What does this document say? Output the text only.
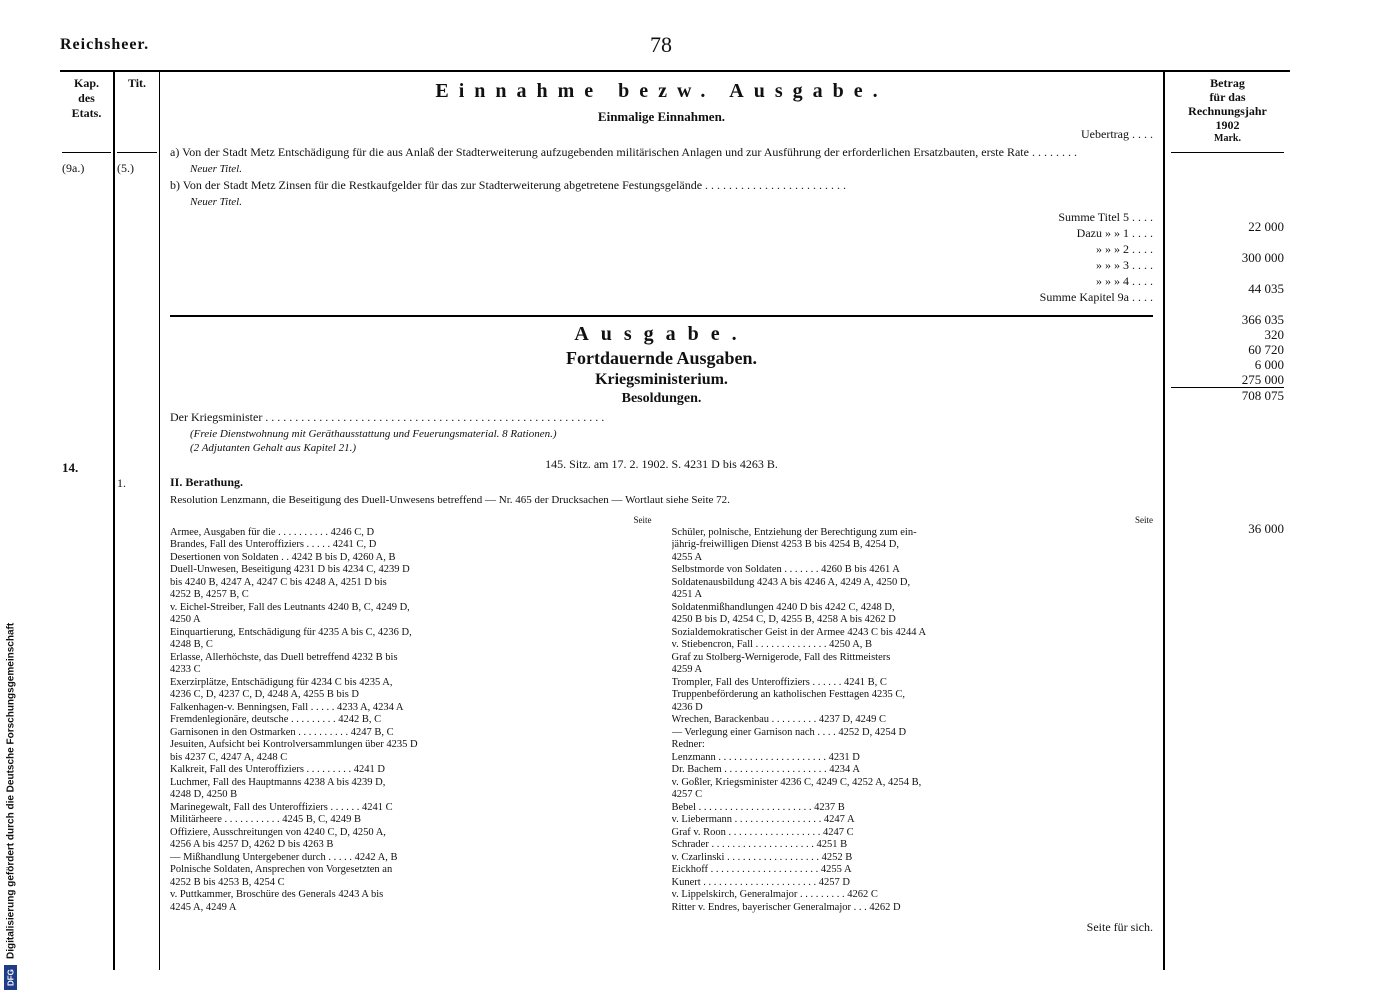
DFG
Digitalisierung gefördert durch die Deutsche Forschungsgemeinschaft
Reichsheer.	78
Kap.
des Etats.
(9a.)
14.
Tit.
(5.)
1.
Einnahme bezw. Ausgabe.
Einmalige Einnahmen.
Uebertrag . . . .
a) Von der Stadt Metz Entschädigung für die aus Anlaß der Stadterweiterung aufzugebenden militärischen Anlagen und zur Ausführung der erforderlichen Ersatzbauten, erste Rate . . . . . . . .
Neuer Titel.
b) Von der Stadt Metz Zinsen für die Restkaufgelder für das zur Stadterweiterung abgetretene Festungsgelände . . . . . . . . . . . . . . . . . . . . . . . .
Neuer Titel.
Summe Titel 5 . . . .
Dazu » » 1 . . . .
» » » 2 . . . .
» » » 3 . . . .
» » » 4 . . . .
Summe Kapitel 9a . . . .
Ausgabe.
Fortdauernde Ausgaben.
Kriegsministerium.
Besoldungen.
Der Kriegsminister . . . . . . . . . . . . . . . . . . . . . . . . . . . . . . . . . . . . . . . . . . . . . . . . . . . . . . . . .
(Freie Dienstwohnung mit Geräthausstattung und Feuerungsmaterial. 8 Rationen.)
(2 Adjutanten Gehalt aus Kapitel 21.)
145. Sitz. am 17. 2. 1902. S. 4231 D bis 4263 B.
II. Berathung.
Resolution Lenzmann, die Beseitigung des Duell-Unwesens betreffend — Nr. 465 der Drucksachen — Wortlaut siehe Seite 72.
Seite
Armee, Ausgaben für die . . . . . . . . . . 4246 C, D
Brandes, Fall des Unteroffiziers . . . . . 4241 C, D
Desertionen von Soldaten . . 4242 B bis D, 4260 A, B
Duell-Unwesen, Beseitigung 4231 D bis 4234 C, 4239 D
bis 4240 B, 4247 A, 4247 C bis 4248 A, 4251 D bis
4252 B, 4257 B, C
v. Eichel-Streiber, Fall des Leutnants 4240 B, C, 4249 D,
4250 A
Einquartierung, Entschädigung für 4235 A bis C, 4236 D,
4248 B, C
Erlasse, Allerhöchste, das Duell betreffend 4232 B bis
4233 C
Exerzirplätze, Entschädigung für 4234 C bis 4235 A,
4236 C, D, 4237 C, D, 4248 A, 4255 B bis D
Falkenhagen-v. Benningsen, Fall . . . . . 4233 A, 4234 A
Fremdenlegionäre, deutsche . . . . . . . . . 4242 B, C
Garnisonen in den Ostmarken . . . . . . . . . . 4247 B, C
Jesuiten, Aufsicht bei Kontrolversammlungen über 4235 D
bis 4237 C, 4247 A, 4248 C
Kalkreit, Fall des Unteroffiziers . . . . . . . . . 4241 D
Luchmer, Fall des Hauptmanns 4238 A bis 4239 D,
4248 D, 4250 B
Marinegewalt, Fall des Unteroffiziers . . . . . . 4241 C
Militärheere . . . . . . . . . . . 4245 B, C, 4249 B
Offiziere, Ausschreitungen von 4240 C, D, 4250 A,
4256 A bis 4257 D, 4262 D bis 4263 B
— Mißhandlung Untergebener durch . . . . . 4242 A, B
Polnische Soldaten, Ansprechen von Vorgesetzten an
4252 B bis 4253 B, 4254 C
v. Puttkammer, Broschüre des Generals 4243 A bis
4245 A, 4249 A
Seite
Schüler, polnische, Entziehung der Berechtigung zum ein-
jährig-freiwilligen Dienst 4253 B bis 4254 B, 4254 D,
4255 A
Selbstmorde von Soldaten . . . . . . . 4260 B bis 4261 A
Soldatenausbildung 4243 A bis 4246 A, 4249 A, 4250 D,
4251 A
Soldatenmißhandlungen 4240 D bis 4242 C, 4248 D,
4250 B bis D, 4254 C, D, 4255 B, 4258 A bis 4262 D
Sozialdemokratischer Geist in der Armee 4243 C bis 4244 A
v. Stiebencron, Fall . . . . . . . . . . . . . . 4250 A, B
Graf zu Stolberg-Wernigerode, Fall des Rittmeisters
4259 A
Trompler, Fall des Unteroffiziers . . . . . . 4241 B, C
Truppenbeförderung an katholischen Festtagen 4235 C,
4236 D
Wrechen, Barackenbau . . . . . . . . . 4237 D, 4249 C
— Verlegung einer Garnison nach . . . . 4252 D, 4254 D
Redner:
Lenzmann . . . . . . . . . . . . . . . . . . . . . 4231 D
Dr. Bachem . . . . . . . . . . . . . . . . . . . . 4234 A
v. Goßler, Kriegsminister 4236 C, 4249 C, 4252 A, 4254 B,
4257 C
Bebel . . . . . . . . . . . . . . . . . . . . . . 4237 B
v. Liebermann . . . . . . . . . . . . . . . . . 4247 A
Graf v. Roon . . . . . . . . . . . . . . . . . . 4247 C
Schrader . . . . . . . . . . . . . . . . . . . . 4251 B
v. Czarlinski . . . . . . . . . . . . . . . . . . 4252 B
Eickhoff . . . . . . . . . . . . . . . . . . . . . 4255 A
Kunert . . . . . . . . . . . . . . . . . . . . . . 4257 D
v. Lippelskirch, Generalmajor . . . . . . . . . 4262 C
Ritter v. Endres, bayerischer Generalmajor . . . 4262 D
Seite für sich.
Betrag
für das
Rechnungsjahr
1902
Mark.
22 000
300 000
44 035
366 035
320
60 720
6 000
275 000
708 075
36 000
